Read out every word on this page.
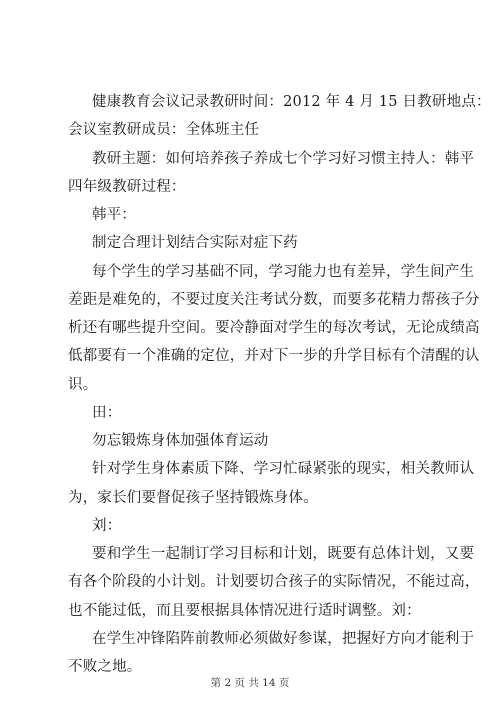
健康教育会议记录教研时间：2012 年 4 月 15 日教研地点：
会议室教研成员：全体班主任
教研主题：如何培养孩子养成七个学习好习惯主持人：韩平
四年级教研过程：
韩平：
制定合理计划结合实际对症下药
每个学生的学习基础不同，学习能力也有差异，学生间产生
差距是难免的，不要过度关注考试分数，而要多花精力帮孩子分
析还有哪些提升空间。要冷静面对学生的每次考试，无论成绩高
低都要有一个准确的定位，并对下一步的升学目标有个清醒的认
识。
田：
勿忘锻炼身体加强体育运动
针对学生身体素质下降、学习忙碌紧张的现实，相关教师认
为，家长们要督促孩子坚持锻炼身体。
刘：
要和学生一起制订学习目标和计划，既要有总体计划，又要
有各个阶段的小计划。计划要切合孩子的实际情况，不能过高，
也不能过低，而且要根据具体情况进行适时调整。刘：
在学生冲锋陷阵前教师必须做好参谋，把握好方向才能利于
不败之地。
第 2 页 共 14 页
